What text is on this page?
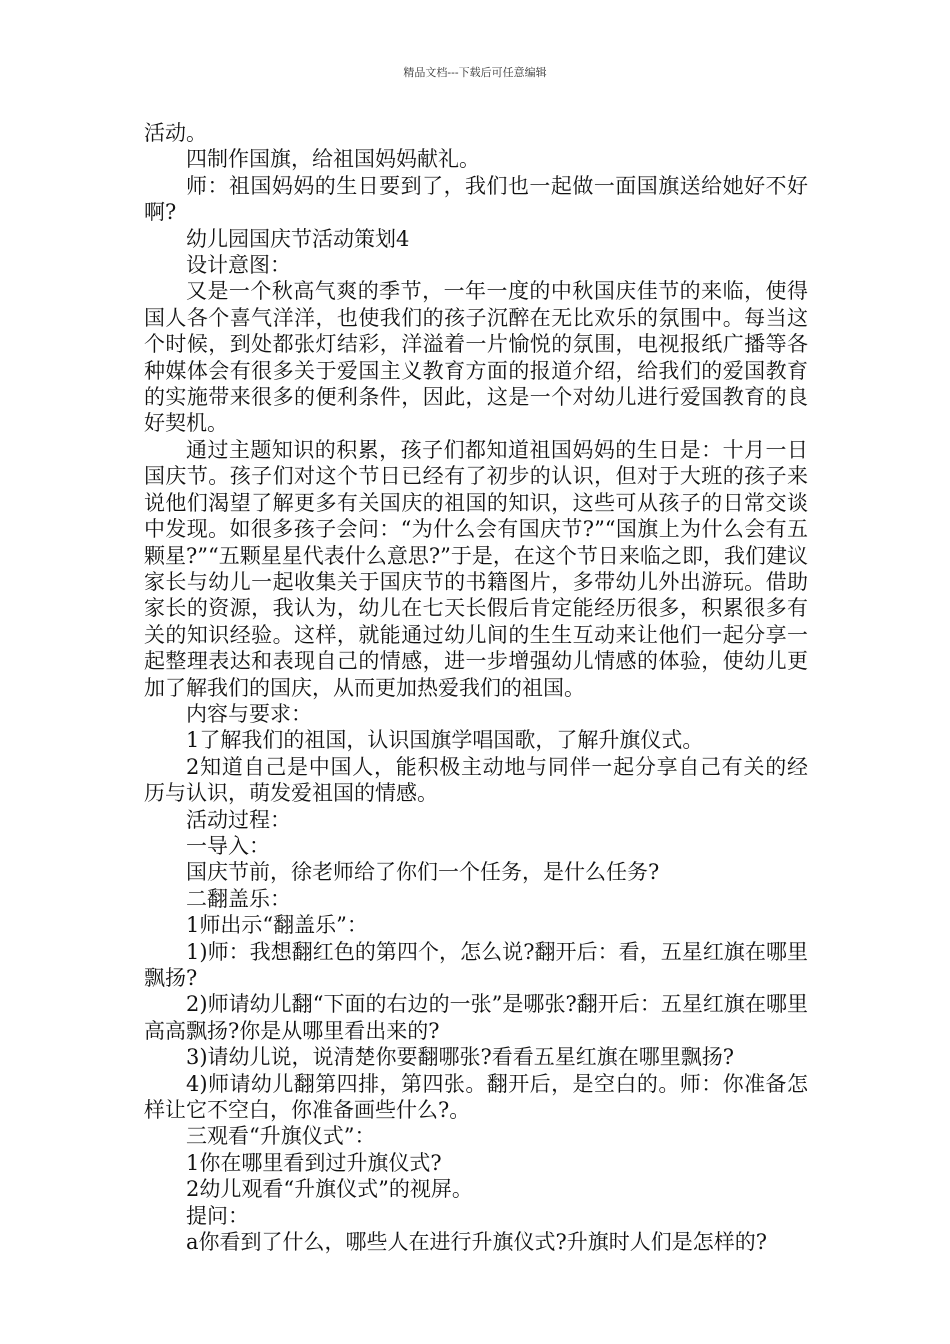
精品文档---下载后可任意编辑

活动。

四制作国旗，给祖国妈妈献礼。

师：祖国妈妈的生日要到了，我们也一起做一面国旗送给她好不好啊?

幼儿园国庆节活动策划4

设计意图：

又是一个秋高气爽的季节，一年一度的中秋国庆佳节的来临，使得国人各个喜气洋洋，也使我们的孩子沉醉在无比欢乐的氛围中。每当这个时候，到处都张灯结彩，洋溢着一片愉悦的氛围，电视报纸广播等各种媒体会有很多关于爱国主义教育方面的报道介绍，给我们的爱国教育的实施带来很多的便利条件，因此，这是一个对幼儿进行爱国教育的良好契机。

通过主题知识的积累，孩子们都知道祖国妈妈的生日是：十月一日国庆节。孩子们对这个节日已经有了初步的认识，但对于大班的孩子来说他们渴望了解更多有关国庆的祖国的知识，这些可从孩子的日常交谈中发现。如很多孩子会问：“为什么会有国庆节?”“国旗上为什么会有五颗星?”“五颗星星代表什么意思?”于是，在这个节日来临之即，我们建议家长与幼儿一起收集关于国庆节的书籍图片，多带幼儿外出游玩。借助家长的资源，我认为，幼儿在七天长假后肯定能经历很多，积累很多有关的知识经验。这样，就能通过幼儿间的生生互动来让他们一起分享一起整理表达和表现自己的情感，进一步增强幼儿情感的体验，使幼儿更加了解我们的国庆，从而更加热爱我们的祖国。

内容与要求：

1了解我们的祖国，认识国旗学唱国歌，了解升旗仪式。

2知道自己是中国人，能积极主动地与同伴一起分享自己有关的经历与认识，萌发爱祖国的情感。

活动过程：

一导入：

国庆节前，徐老师给了你们一个任务，是什么任务?

二翻盖乐：

1师出示“翻盖乐”：

1)师：我想翻红色的第四个，怎么说?翻开后：看，五星红旗在哪里飘扬?

2)师请幼儿翻“下面的右边的一张”是哪张?翻开后：五星红旗在哪里高高飘扬?你是从哪里看出来的?

3)请幼儿说，说清楚你要翻哪张?看看五星红旗在哪里飘扬?

4)师请幼儿翻第四排，第四张。翻开后，是空白的。师：你准备怎样让它不空白，你准备画些什么?。

三观看“升旗仪式”：

1你在哪里看到过升旗仪式?

2幼儿观看“升旗仪式”的视屏。

提问：

a你看到了什么，哪些人在进行升旗仪式?升旗时人们是怎样的?
